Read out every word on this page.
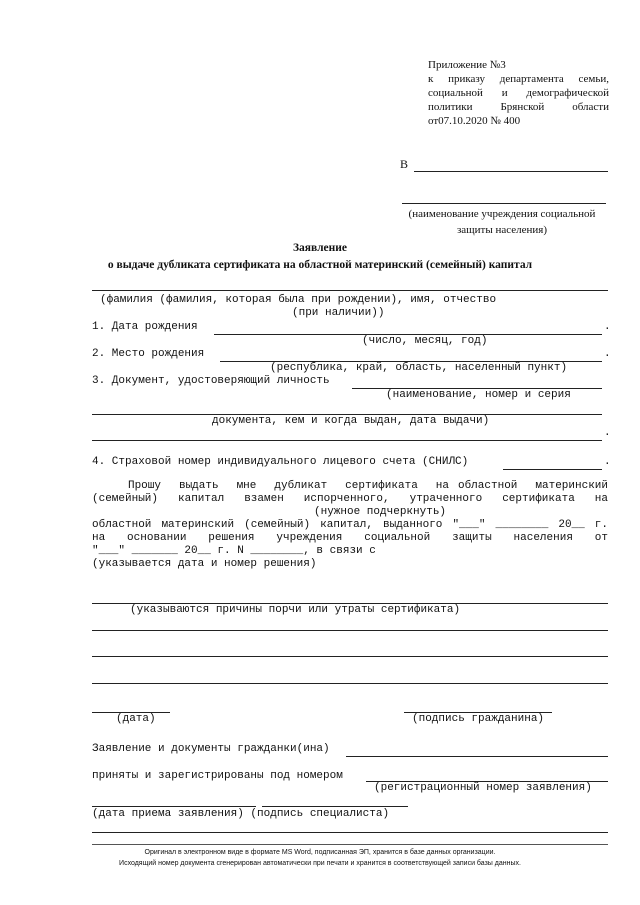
Приложение №3
к приказу департамента семьи,
социальной и демографической
политики Брянской области
от07.10.2020 № 400
В
(наименование учреждения социальной защиты населения)
Заявление
о выдаче дубликата сертификата на областной материнский (семейный) капитал
(фамилия (фамилия, которая была при рождении), имя, отчество
(при наличии))
1. Дата рождения	.
(число, месяц, год)
2. Место рождения	.
(республика, край, область, населенный пункт)
3. Документ, удостоверяющий личность
(наименование, номер и серия
документа, кем и когда выдан, дата выдачи)
.
4. Страховой номер индивидуального лицевого счета (СНИЛС)	.
Прошу  выдать  мне  дубликат  сертификата  на областной  материнский
(семейный)  капитал  взамен  испорченного,  утраченного  сертификата  на
(нужное подчеркнуть)
областной материнский (семейный) капитал, выданного "___" ________ 20__ г.
на  основании  решения  учреждения  социальной  защиты  населения  от
"___" _______ 20__ г. N ________, в связи с
(указывается дата и номер решения)
(указываются причины порчи или утраты сертификата)
(дата)	(подпись гражданина)
Заявление и документы гражданки(ина)
приняты и зарегистрированы под номером
(регистрационный номер заявления)
(дата приема заявления) (подпись специалиста)
Оригинал в электронном виде в формате MS Word, подписанная ЭП, хранится в базе данных организации.
Исходящий номер документа сгенерирован автоматически при печати и хранится в соответствующей записи базы данных.
